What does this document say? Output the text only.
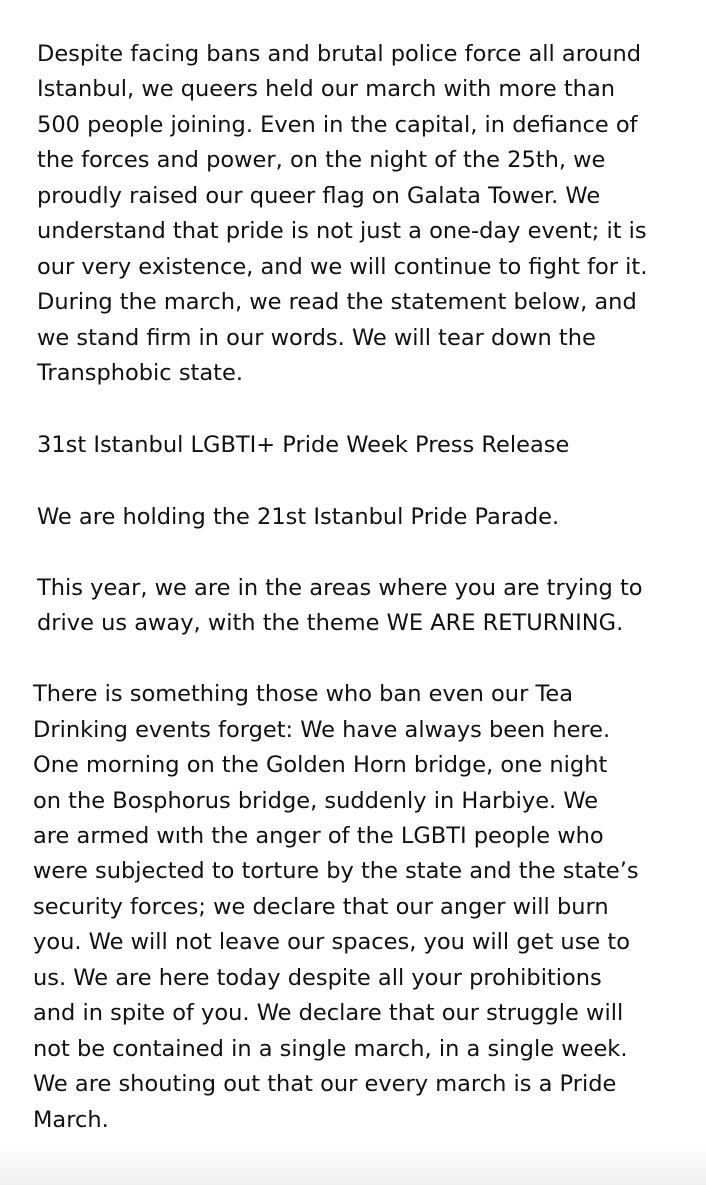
Despite facing bans and brutal police force all around
Istanbul, we queers held our march with more than
500 people joining. Even in the capital, in defiance of
the forces and power, on the night of the 25th, we
proudly raised our queer flag on Galata Tower. We
understand that pride is not just a one-day event; it is
our very existence, and we will continue to fight for it.
During the march, we read the statement below, and
we stand firm in our words. We will tear down the
Transphobic state.
31st Istanbul LGBTI+ Pride Week Press Release
We are holding the 21st Istanbul Pride Parade.
This year, we are in the areas where you are trying to
drive us away, with the theme WE ARE RETURNING.
There is something those who ban even our Tea
Drinking events forget: We have always been here.
One morning on the Golden Horn bridge, one night
on the Bosphorus bridge, suddenly in Harbiye. We
are armed wıth the anger of the LGBTI people who
were subjected to torture by the state and the state’s
security forces; we declare that our anger will burn
you. We will not leave our spaces, you will get use to
us. We are here today despite all your prohibitions
and in spite of you. We declare that our struggle will
not be contained in a single march, in a single week.
We are shouting out that our every march is a Pride
March.
